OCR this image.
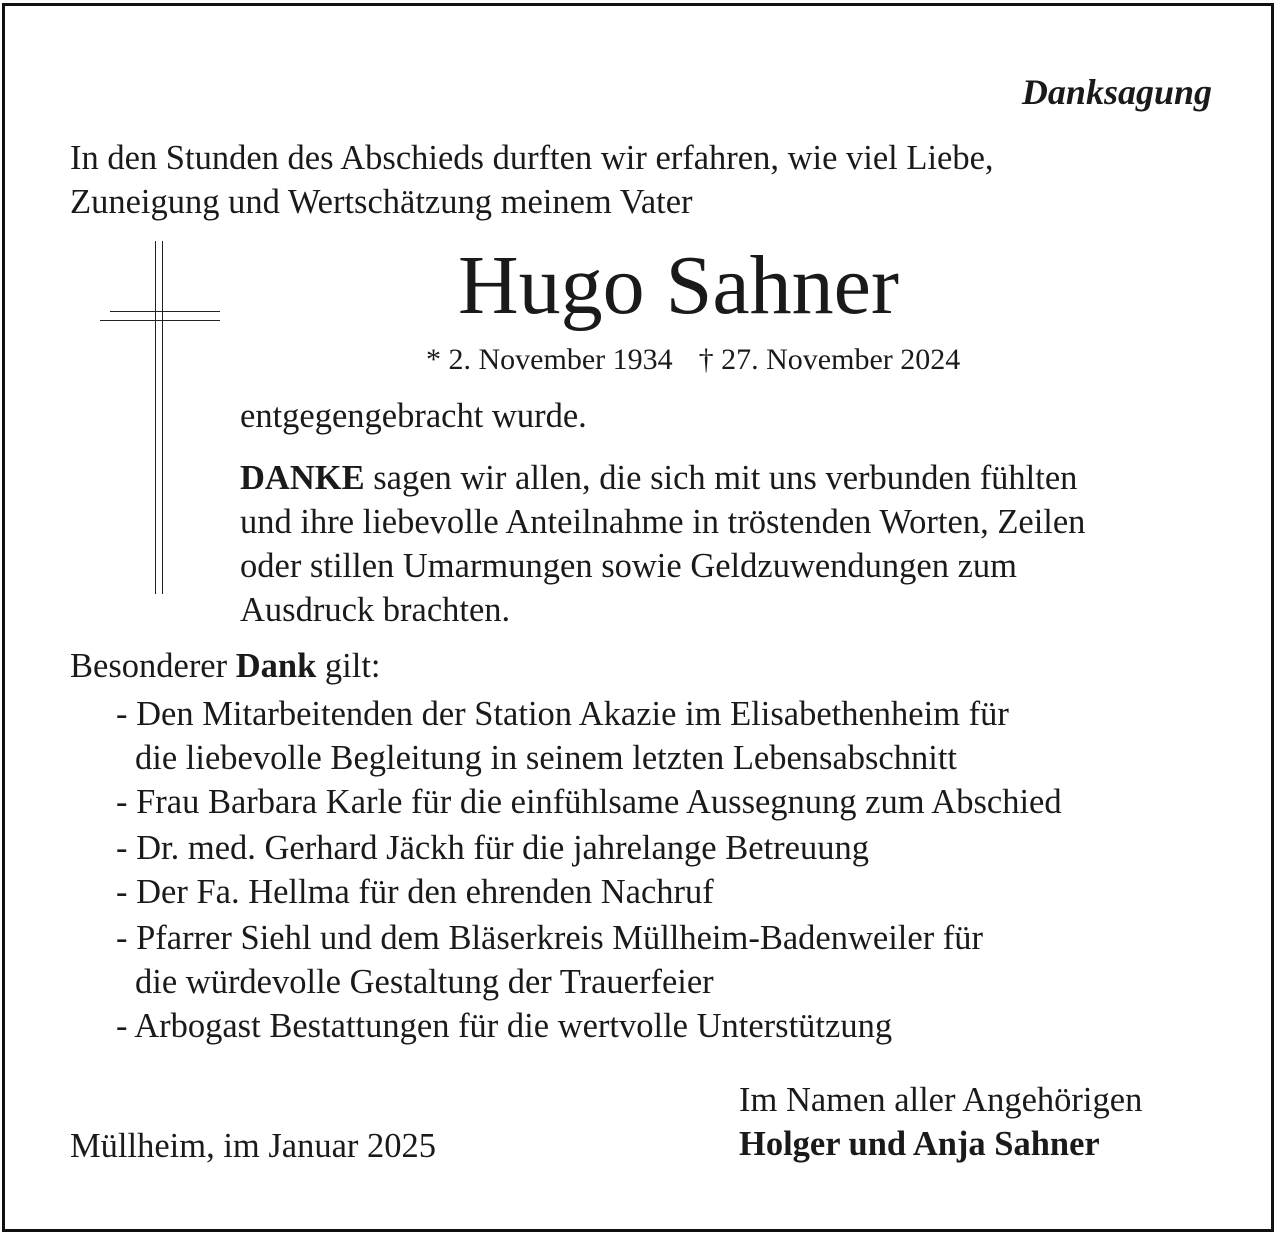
Danksagung
In den Stunden des Abschieds durften wir erfahren, wie viel Liebe,
Zuneigung und Wertschätzung meinem Vater
Hugo Sahner
* 2. November 1934 † 27. November 2024
entgegengebracht wurde.
DANKE sagen wir allen, die sich mit uns verbunden fühlten
und ihre liebevolle Anteilnahme in tröstenden Worten, Zeilen
oder stillen Umarmungen sowie Geldzuwendungen zum
Ausdruck brachten.
Besonderer Dank gilt:
- Den Mitarbeitenden der Station Akazie im Elisabethenheim für
die liebevolle Begleitung in seinem letzten Lebensabschnitt
- Frau Barbara Karle für die einfühlsame Aussegnung zum Abschied
- Dr. med. Gerhard Jäckh für die jahrelange Betreuung
- Der Fa. Hellma für den ehrenden Nachruf
- Pfarrer Siehl und dem Bläserkreis Müllheim-Badenweiler für
die würdevolle Gestaltung der Trauerfeier
- Arbogast Bestattungen für die wertvolle Unterstützung
Im Namen aller Angehörigen
Müllheim, im Januar 2025	Holger und Anja Sahner
